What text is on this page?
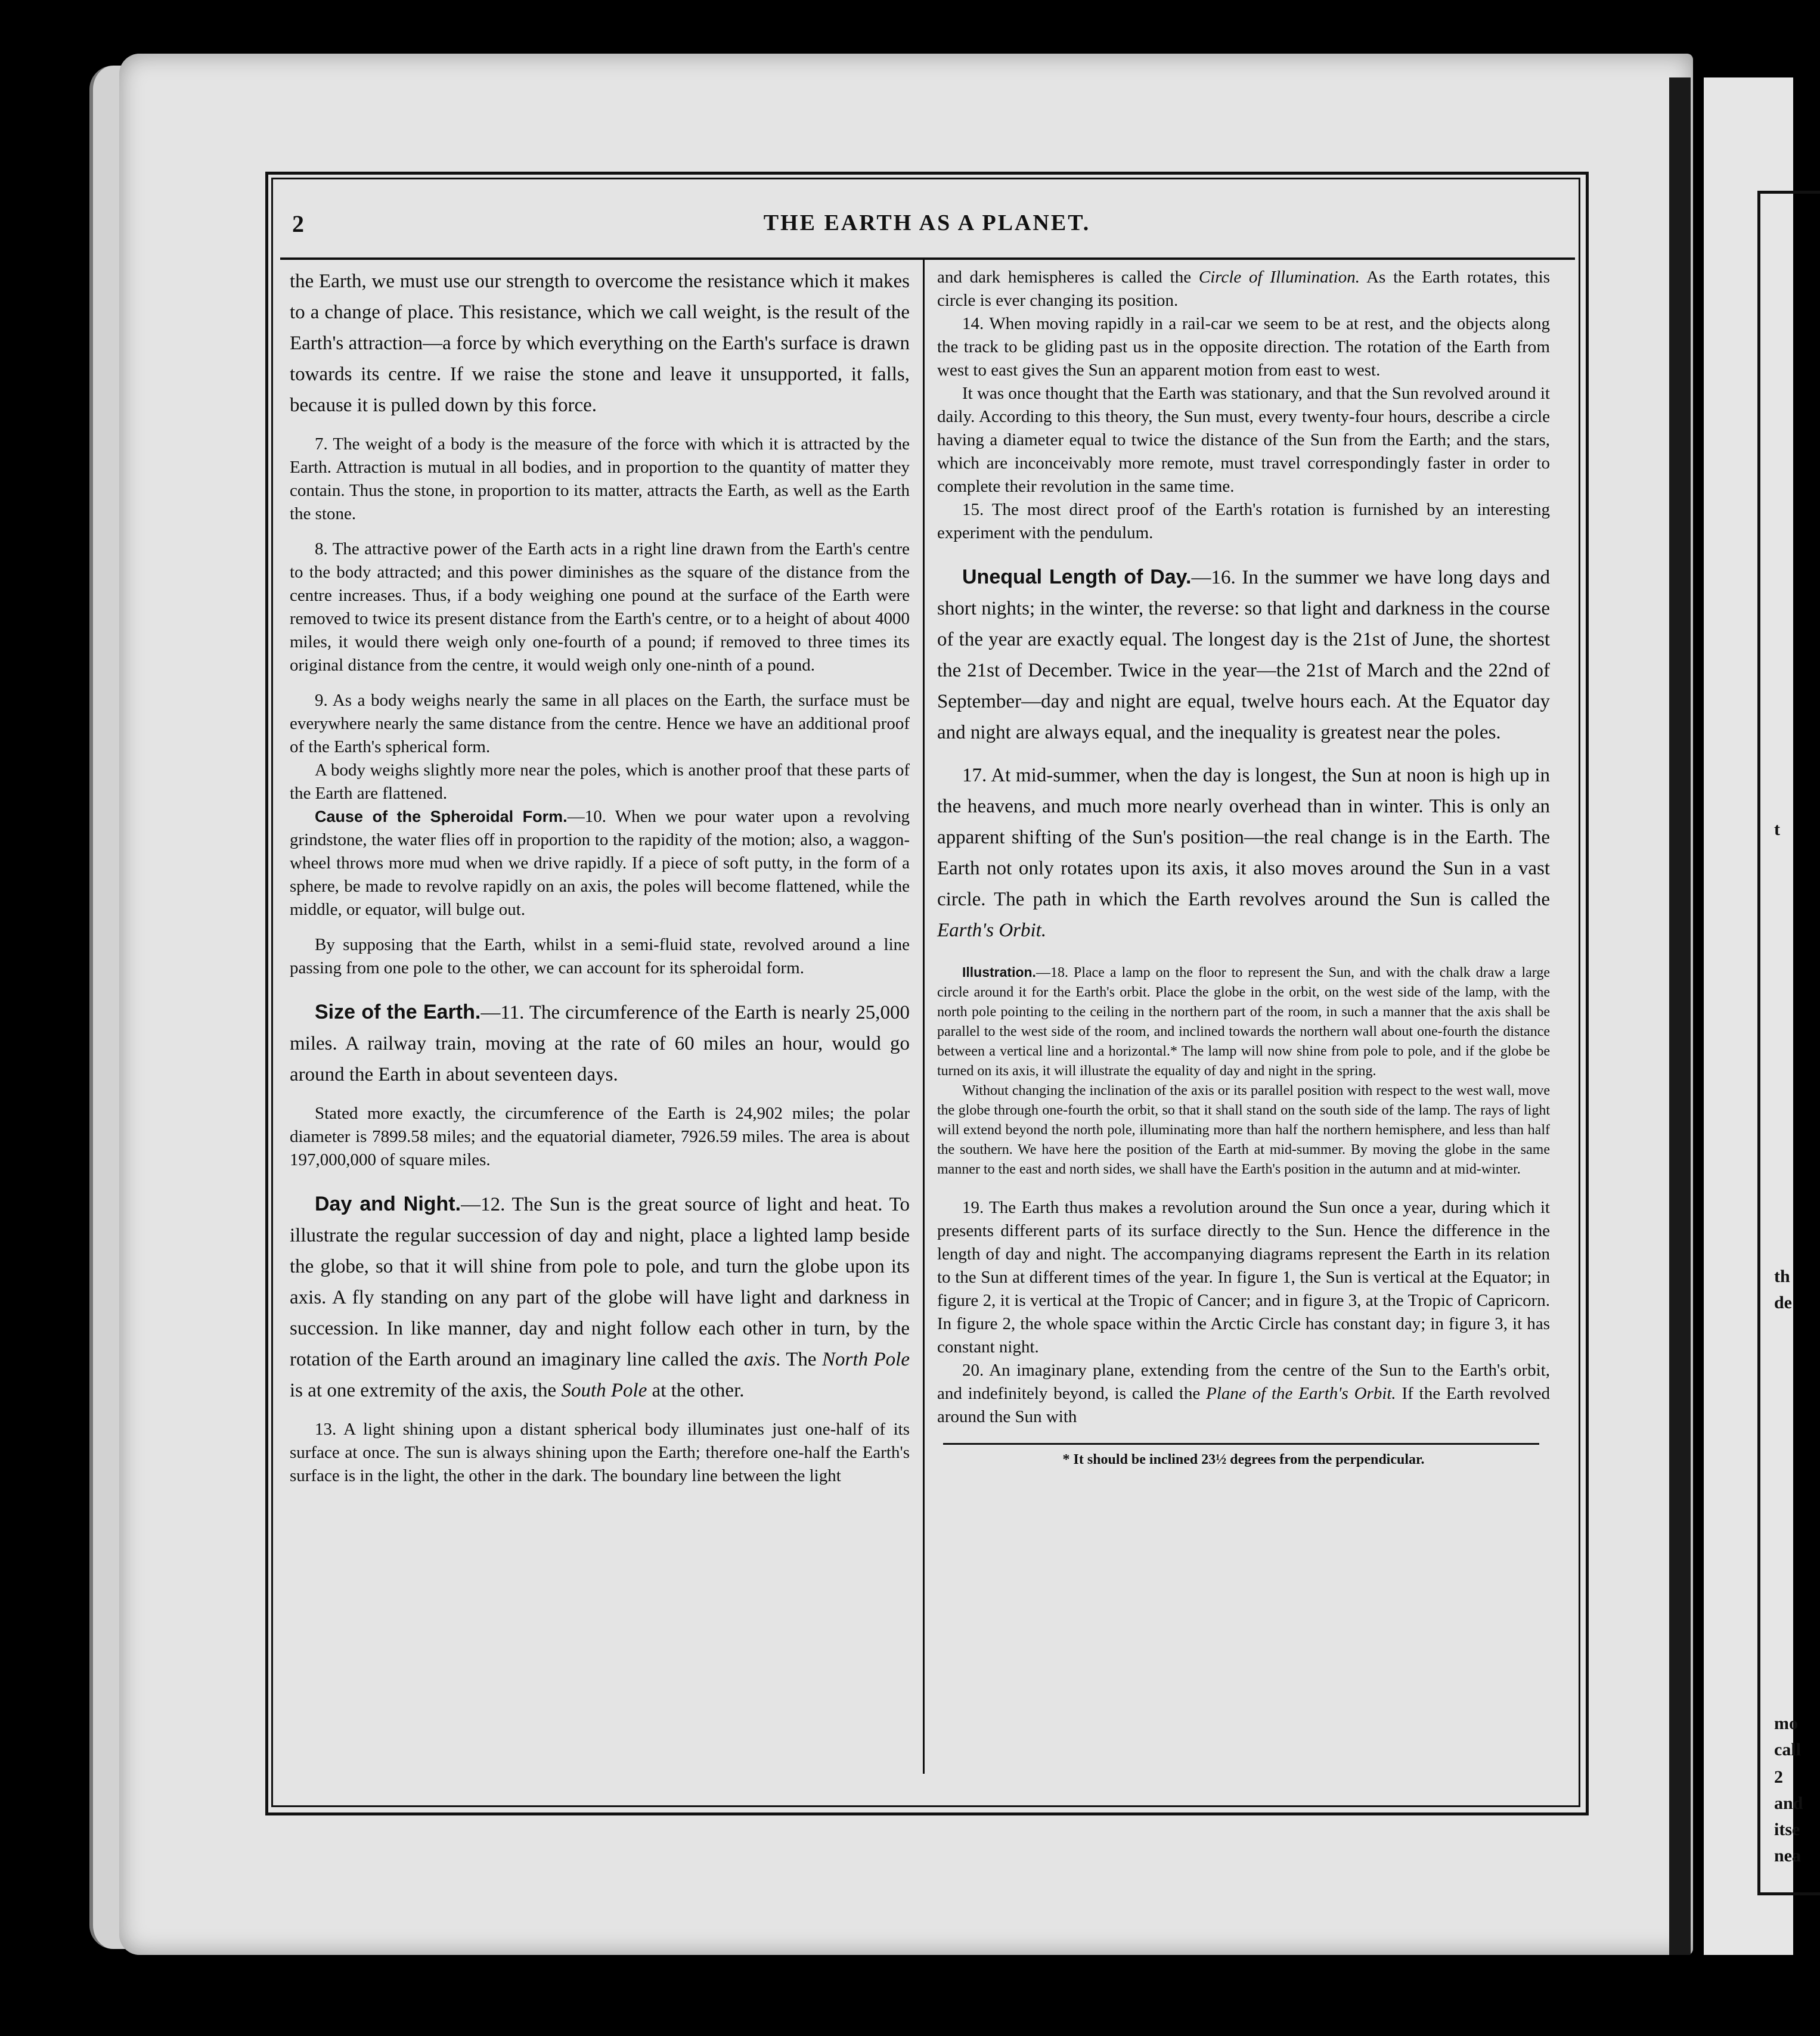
t
th
de
mo
call
2
and
itse
nea
2	THE EARTH AS A PLANET.

the Earth, we must use our strength to overcome the resistance which it makes to a change of place. This resistance, which we call weight, is the result of the Earth's attraction—a force by which everything on the Earth's surface is drawn towards its centre. If we raise the stone and leave it unsupported, it falls, because it is pulled down by this force.

7. The weight of a body is the measure of the force with which it is attracted by the Earth. Attraction is mutual in all bodies, and in proportion to the quantity of matter they contain. Thus the stone, in proportion to its matter, attracts the Earth, as well as the Earth the stone.

8. The attractive power of the Earth acts in a right line drawn from the Earth's centre to the body attracted; and this power diminishes as the square of the distance from the centre increases. Thus, if a body weighing one pound at the surface of the Earth were removed to twice its present distance from the Earth's centre, or to a height of about 4000 miles, it would there weigh only one-fourth of a pound; if removed to three times its original distance from the centre, it would weigh only one-ninth of a pound.

9. As a body weighs nearly the same in all places on the Earth, the surface must be everywhere nearly the same distance from the centre. Hence we have an additional proof of the Earth's spherical form.

A body weighs slightly more near the poles, which is another proof that these parts of the Earth are flattened.

Cause of the Spheroidal Form.—10. When we pour water upon a revolving grindstone, the water flies off in proportion to the rapidity of the motion; also, a waggon-wheel throws more mud when we drive rapidly. If a piece of soft putty, in the form of a sphere, be made to revolve rapidly on an axis, the poles will become flattened, while the middle, or equator, will bulge out.

By supposing that the Earth, whilst in a semi-fluid state, revolved around a line passing from one pole to the other, we can account for its spheroidal form.

Size of the Earth.—11. The circumference of the Earth is nearly 25,000 miles. A railway train, moving at the rate of 60 miles an hour, would go around the Earth in about seventeen days.

Stated more exactly, the circumference of the Earth is 24,902 miles; the polar diameter is 7899.58 miles; and the equatorial diameter, 7926.59 miles. The area is about 197,000,000 of square miles.

Day and Night.—12. The Sun is the great source of light and heat. To illustrate the regular succession of day and night, place a lighted lamp beside the globe, so that it will shine from pole to pole, and turn the globe upon its axis. A fly standing on any part of the globe will have light and darkness in succession. In like manner, day and night follow each other in turn, by the rotation of the Earth around an imaginary line called the axis. The North Pole is at one extremity of the axis, the South Pole at the other.

13. A light shining upon a distant spherical body illuminates just one-half of its surface at once. The sun is always shining upon the Earth; therefore one-half the Earth's surface is in the light, the other in the dark. The boundary line between the light

and dark hemispheres is called the Circle of Illumination. As the Earth rotates, this circle is ever changing its position.

14. When moving rapidly in a rail-car we seem to be at rest, and the objects along the track to be gliding past us in the opposite direction. The rotation of the Earth from west to east gives the Sun an apparent motion from east to west.

It was once thought that the Earth was stationary, and that the Sun revolved around it daily. According to this theory, the Sun must, every twenty-four hours, describe a circle having a diameter equal to twice the distance of the Sun from the Earth; and the stars, which are inconceivably more remote, must travel correspondingly faster in order to complete their revolution in the same time.

15. The most direct proof of the Earth's rotation is furnished by an interesting experiment with the pendulum.

Unequal Length of Day.—16. In the summer we have long days and short nights; in the winter, the reverse: so that light and darkness in the course of the year are exactly equal. The longest day is the 21st of June, the shortest the 21st of December. Twice in the year—the 21st of March and the 22nd of September—day and night are equal, twelve hours each. At the Equator day and night are always equal, and the inequality is greatest near the poles.

17. At mid-summer, when the day is longest, the Sun at noon is high up in the heavens, and much more nearly overhead than in winter. This is only an apparent shifting of the Sun's position—the real change is in the Earth. The Earth not only rotates upon its axis, it also moves around the Sun in a vast circle. The path in which the Earth revolves around the Sun is called the Earth's Orbit.

Illustration.—18. Place a lamp on the floor to represent the Sun, and with the chalk draw a large circle around it for the Earth's orbit. Place the globe in the orbit, on the west side of the lamp, with the north pole pointing to the ceiling in the northern part of the room, in such a manner that the axis shall be parallel to the west side of the room, and inclined towards the northern wall about one-fourth the distance between a vertical line and a horizontal.* The lamp will now shine from pole to pole, and if the globe be turned on its axis, it will illustrate the equality of day and night in the spring.

Without changing the inclination of the axis or its parallel position with respect to the west wall, move the globe through one-fourth the orbit, so that it shall stand on the south side of the lamp. The rays of light will extend beyond the north pole, illuminating more than half the northern hemisphere, and less than half the southern. We have here the position of the Earth at mid-summer. By moving the globe in the same manner to the east and north sides, we shall have the Earth's position in the autumn and at mid-winter.

19. The Earth thus makes a revolution around the Sun once a year, during which it presents different parts of its surface directly to the Sun. Hence the difference in the length of day and night. The accompanying diagrams represent the Earth in its relation to the Sun at different times of the year. In figure 1, the Sun is vertical at the Equator; in figure 2, it is vertical at the Tropic of Cancer; and in figure 3, at the Tropic of Capricorn. In figure 2, the whole space within the Arctic Circle has constant day; in figure 3, it has constant night.

20. An imaginary plane, extending from the centre of the Sun to the Earth's orbit, and indefinitely beyond, is called the Plane of the Earth's Orbit. If the Earth revolved around the Sun with

* It should be inclined 23½ degrees from the perpendicular.
